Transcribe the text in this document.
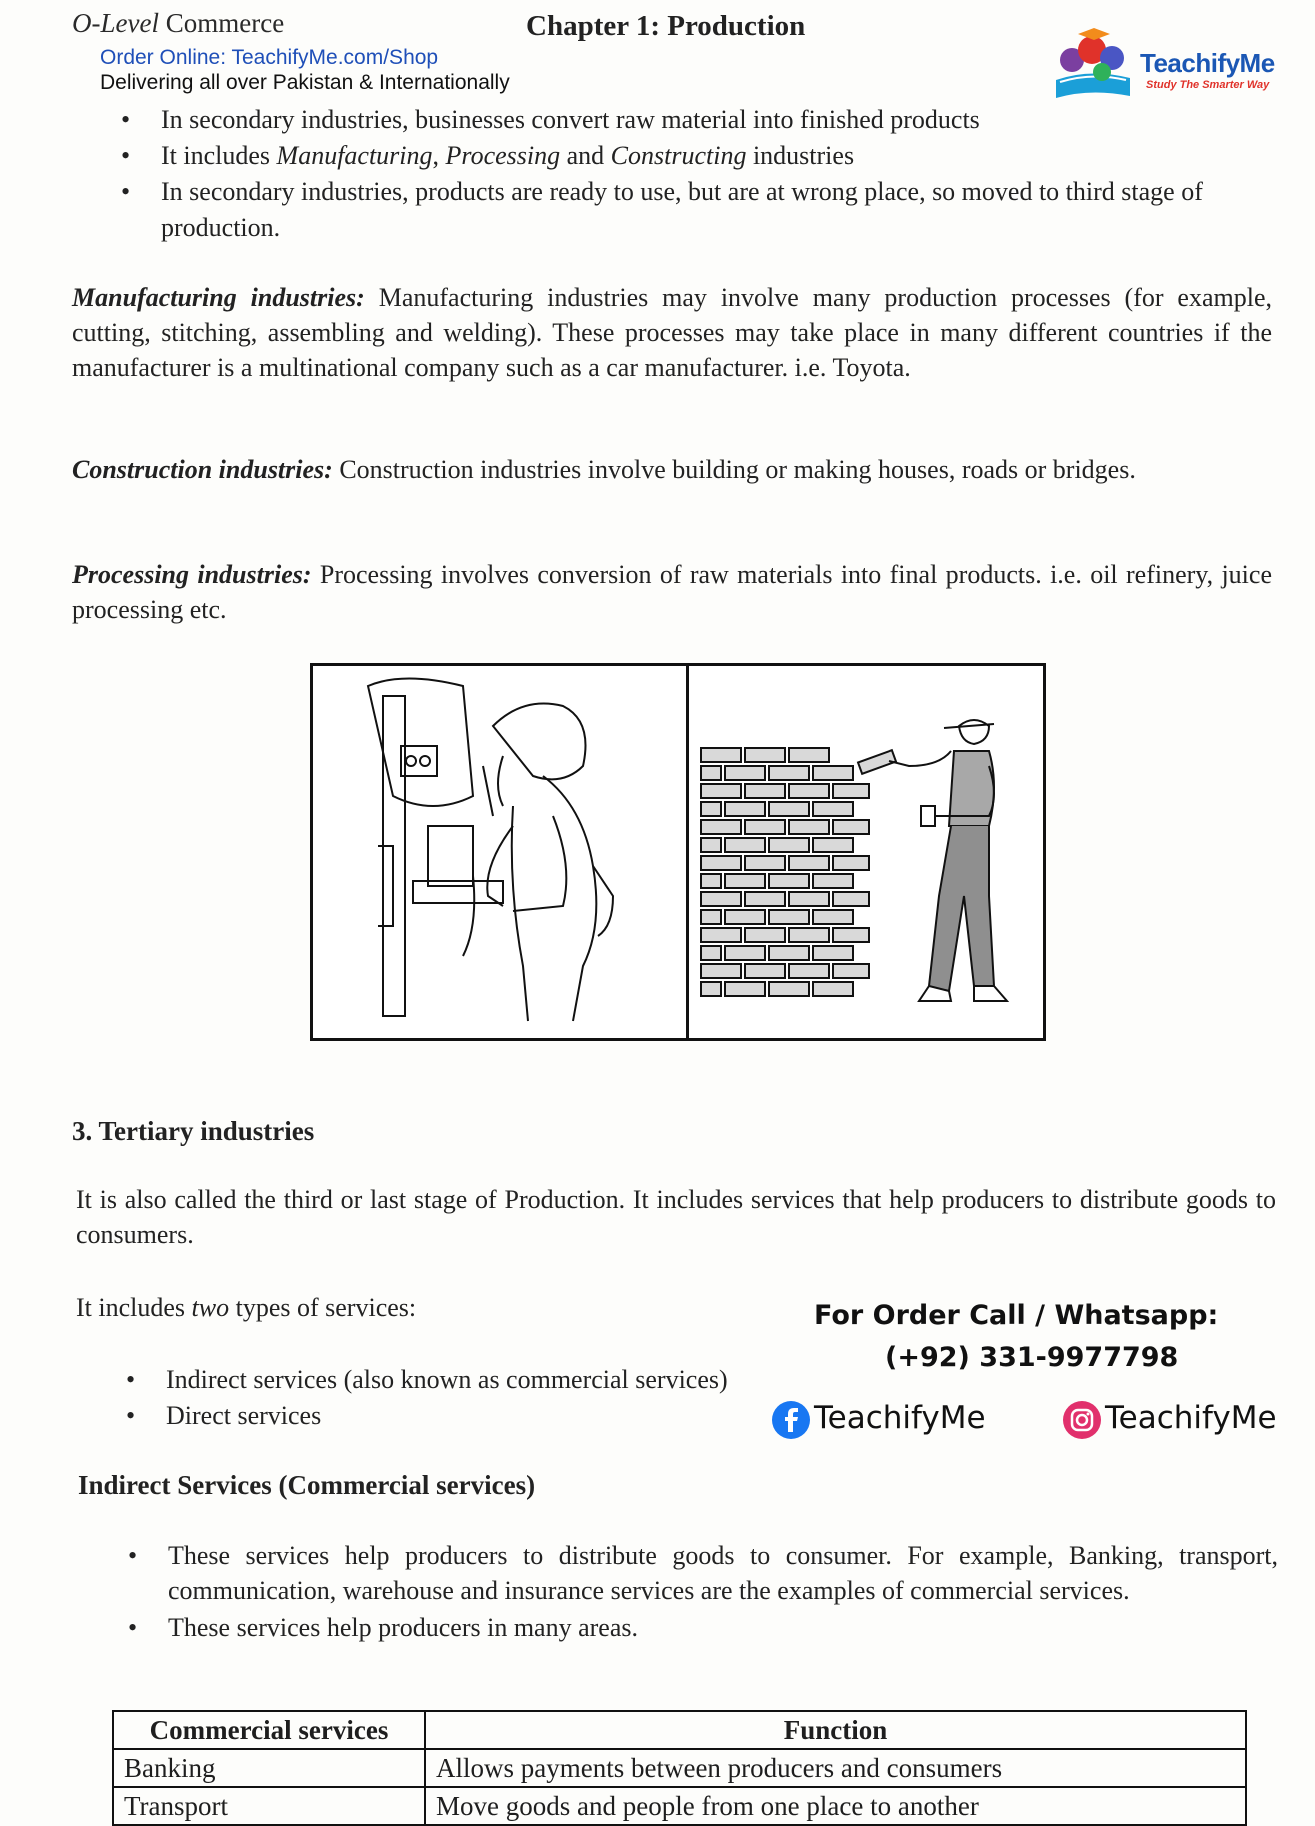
O-Level Commerce	Chapter 1: Production
Order Online: TeachifyMe.com/Shop
Delivering all over Pakistan & Internationally
TeachifyMe
Study The Smarter Way
• In secondary industries, businesses convert raw material into finished products
• It includes Manufacturing, Processing and Constructing industries
• In secondary industries, products are ready to use, but are at wrong place, so moved to third stage of production.
Manufacturing industries: Manufacturing industries may involve many production processes (for example, cutting, stitching, assembling and welding). These processes may take place in many different countries if the manufacturer is a multinational company such as a car manufacturer. i.e. Toyota.
Construction industries: Construction industries involve building or making houses, roads or bridges.
Processing industries: Processing involves conversion of raw materials into final products. i.e. oil refinery, juice processing etc.
3. Tertiary industries
It is also called the third or last stage of Production. It includes services that help producers to distribute goods to consumers.
It includes two types of services:
• Indirect services (also known as commercial services)
• Direct services
For Order Call / Whatsapp:
(+92) 331-9977798
TeachifyMe	TeachifyMe
Indirect Services (Commercial services)
• These services help producers to distribute goods to consumer. For example, Banking, transport, communication, warehouse and insurance services are the examples of commercial services.
• These services help producers in many areas.
Commercial services	Function
Banking	Allows payments between producers and consumers
Transport	Move goods and people from one place to another
